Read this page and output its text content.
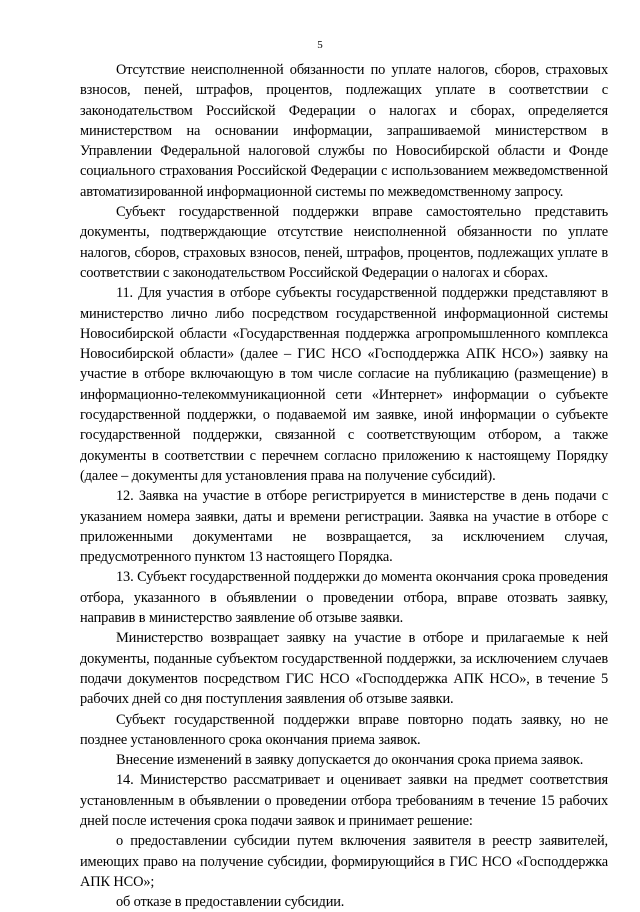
5

Отсутствие неисполненной обязанности по уплате налогов, сборов, страховых взносов, пеней, штрафов, процентов, подлежащих уплате в соответствии с законодательством Российской Федерации о налогах и сборах, определяется министерством на основании информации, запрашиваемой министерством в Управлении Федеральной налоговой службы по Новосибирской области и Фонде социального страхования Российской Федерации с использованием межведомственной автоматизированной информационной системы по межведомственному запросу.

Субъект государственной поддержки вправе самостоятельно представить документы, подтверждающие отсутствие неисполненной обязанности по уплате налогов, сборов, страховых взносов, пеней, штрафов, процентов, подлежащих уплате в соответствии с законодательством Российской Федерации о налогах и сборах.

11. Для участия в отборе субъекты государственной поддержки представляют в министерство лично либо посредством государственной информационной системы Новосибирской области «Государственная поддержка агропромышленного комплекса Новосибирской области» (далее – ГИС НСО «Господдержка АПК НСО») заявку на участие в отборе включающую в том числе согласие на публикацию (размещение) в информационно-телекоммуникационной сети «Интернет» информации о субъекте государственной поддержки, о подаваемой им заявке, иной информации о субъекте государственной поддержки, связанной с соответствующим отбором, а также документы в соответствии с перечнем согласно приложению к настоящему Порядку (далее – документы для установления права на получение субсидий).

12. Заявка на участие в отборе регистрируется в министерстве в день подачи с указанием номера заявки, даты и времени регистрации. Заявка на участие в отборе с приложенными документами не возвращается, за исключением случая, предусмотренного пунктом 13 настоящего Порядка.

13. Субъект государственной поддержки до момента окончания срока проведения отбора, указанного в объявлении о проведении отбора, вправе отозвать заявку, направив в министерство заявление об отзыве заявки.

Министерство возвращает заявку на участие в отборе и прилагаемые к ней документы, поданные субъектом государственной поддержки, за исключением случаев подачи документов посредством ГИС НСО «Господдержка АПК НСО», в течение 5 рабочих дней со дня поступления заявления об отзыве заявки.

Субъект государственной поддержки вправе повторно подать заявку, но не позднее установленного срока окончания приема заявок.

Внесение изменений в заявку допускается до окончания срока приема заявок.

14. Министерство рассматривает и оценивает заявки на предмет соответствия установленным в объявлении о проведении отбора требованиям в течение 15 рабочих дней после истечения срока подачи заявок и принимает решение:

о предоставлении субсидии путем включения заявителя в реестр заявителей, имеющих право на получение субсидии, формирующийся в ГИС НСО «Господдержка АПК НСО»;

об отказе в предоставлении субсидии.
